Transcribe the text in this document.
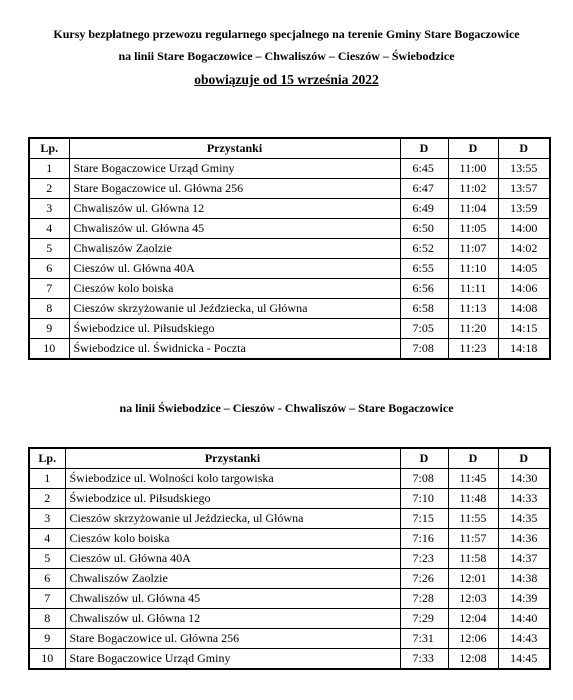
Kursy bezpłatnego przewozu regularnego specjalnego na terenie Gminy Stare Bogaczowice
na linii Stare Bogaczowice – Chwaliszów – Cieszów – Świebodzice
obowiązuje od 15 września 2022
Lp.	Przystanki	D	D	D
1	Stare Bogaczowice Urząd Gminy	6:45	11:00	13:55
2	Stare Bogaczowice ul. Główna 256	6:47	11:02	13:57
3	Chwaliszów ul. Główna 12	6:49	11:04	13:59
4	Chwaliszów ul. Główna 45	6:50	11:05	14:00
5	Chwaliszów Zaolzie	6:52	11:07	14:02
6	Cieszów ul. Główna 40A	6:55	11:10	14:05
7	Cieszów kolo boiska	6:56	11:11	14:06
8	Cieszów skrzyżowanie ul Jeździecka, ul Główna	6:58	11:13	14:08
9	Świebodzice ul. Piłsudskiego	7:05	11:20	14:15
10	Świebodzice ul. Świdnicka - Poczta	7:08	11:23	14:18
na linii Świebodzice – Cieszów - Chwaliszów – Stare Bogaczowice
Lp.	Przystanki	D	D	D
1	Świebodzice ul. Wolności kolo targowiska	7:08	11:45	14:30
2	Świebodzice ul. Piłsudskiego	7:10	11:48	14:33
3	Cieszów skrzyżowanie ul Jeździecka, ul Główna	7:15	11:55	14:35
4	Cieszów kolo boiska	7:16	11:57	14:36
5	Cieszów ul. Główna 40A	7:23	11:58	14:37
6	Chwaliszów Zaolzie	7:26	12:01	14:38
7	Chwaliszów ul. Główna 45	7:28	12:03	14:39
8	Chwaliszów ul. Główna 12	7:29	12:04	14:40
9	Stare Bogaczowice ul. Główna 256	7:31	12:06	14:43
10	Stare Bogaczowice Urząd Gminy	7:33	12:08	14:45
